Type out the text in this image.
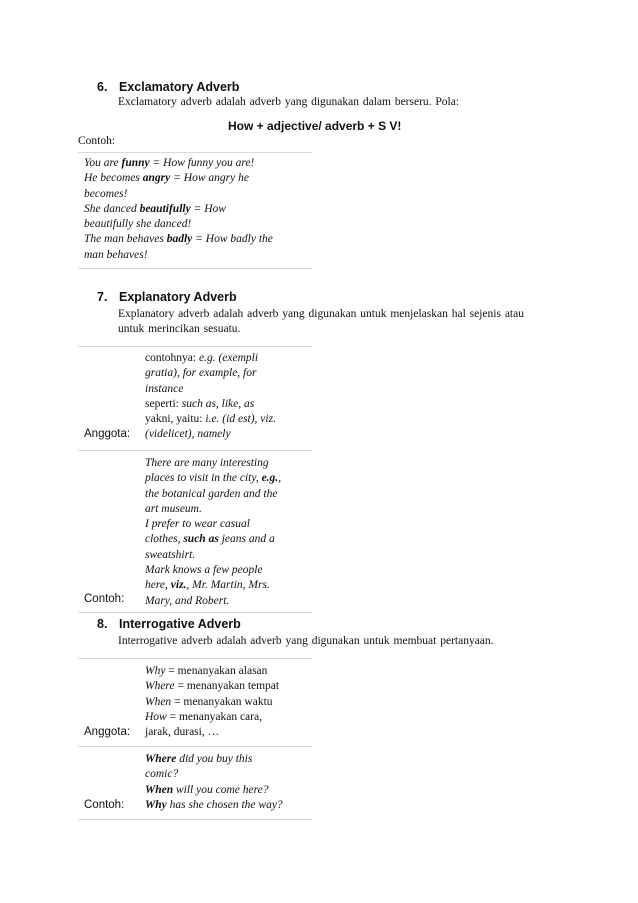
6. Exclamatory Adverb
Exclamatory adverb adalah adverb yang digunakan dalam berseru. Pola:
How + adjective/ adverb + S V!
Contoh:
You are funny = How funny you are!
He becomes angry = How angry he
becomes!
She danced beautifully = How
beautifully she danced!
The man behaves badly = How badly the
man behaves!
7. Explanatory Adverb
Explanatory adverb adalah adverb yang digunakan untuk menjelaskan hal sejenis atau
untuk merincikan sesuatu.
contohnya: e.g. (exempli
gratia), for example, for
instance
seperti: such as, like, as
yakni, yaitu: i.e. (id est), viz.
(videlicet), namely
Anggota:
There are many interesting
places to visit in the city, e.g.,
the botanical garden and the
art museum.
I prefer to wear casual
clothes, such as jeans and a
sweatshirt.
Mark knows a few people
here, viz., Mr. Martin, Mrs.
Mary, and Robert.
Contoh:
8. Interrogative Adverb
Interrogative adverb adalah adverb yang digunakan untuk membuat pertanyaan.
Why = menanyakan alasan
Where = menanyakan tempat
When = menanyakan waktu
How = menanyakan cara,
jarak, durasi, …
Anggota:
Where did you buy this
comic?
When will you come here?
Why has she chosen the way?
Contoh:
